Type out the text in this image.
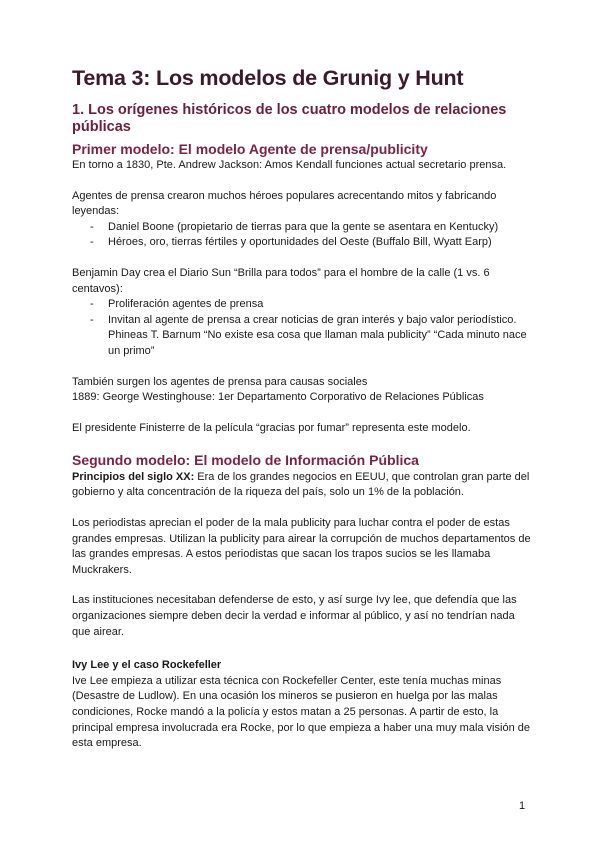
Tema 3: Los modelos de Grunig y Hunt
1. Los orígenes históricos de los cuatro modelos de relaciones públicas
Primer modelo: El modelo Agente de prensa/publicity

En torno a 1830, Pte. Andrew Jackson: Amos Kendall funciones actual secretario prensa.

Agentes de prensa crearon muchos héroes populares acrecentando mitos y fabricando leyendas:

- Daniel Boone (propietario de tierras para que la gente se asentara en Kentucky)
- Héroes, oro, tierras fértiles y oportunidades del Oeste (Buffalo Bill, Wyatt Earp)

Benjamin Day crea el Diario Sun “Brilla para todos” para el hombre de la calle (1 vs. 6 centavos):

- Proliferación agentes de prensa
- Invitan al agente de prensa a crear noticias de gran interés y bajo valor periodístico. Phineas T. Barnum “No existe esa cosa que llaman mala publicity” “Cada minuto nace un primo”

También surgen los agentes de prensa para causas sociales

1889: George Westinghouse: 1er Departamento Corporativo de Relaciones Públicas

El presidente Finisterre de la película “gracias por fumar” representa este modelo.

Segundo modelo: El modelo de Información Pública

Principios del siglo XX: Era de los grandes negocios en EEUU, que controlan gran parte del gobierno y alta concentración de la riqueza del país, solo un 1% de la población.

Los periodistas aprecian el poder de la mala publicity para luchar contra el poder de estas grandes empresas. Utilizan la publicity para airear la corrupción de muchos departamentos de las grandes empresas. A estos periodistas que sacan los trapos sucios se les llamaba Muckrakers.

Las instituciones necesitaban defenderse de esto, y así surge Ivy lee, que defendía que las organizaciones siempre deben decir la verdad e informar al público, y así no tendrían nada que airear.

Ivy Lee y el caso Rockefeller

Ive Lee empieza a utilizar esta técnica con Rockefeller Center, este tenía muchas minas (Desastre de Ludlow). En una ocasión los mineros se pusieron en huelga por las malas condiciones, Rocke mandó a la policía y estos matan a 25 personas. A partir de esto, la principal empresa involucrada era Rocke, por lo que empieza a haber una muy mala visión de esta empresa.

1
